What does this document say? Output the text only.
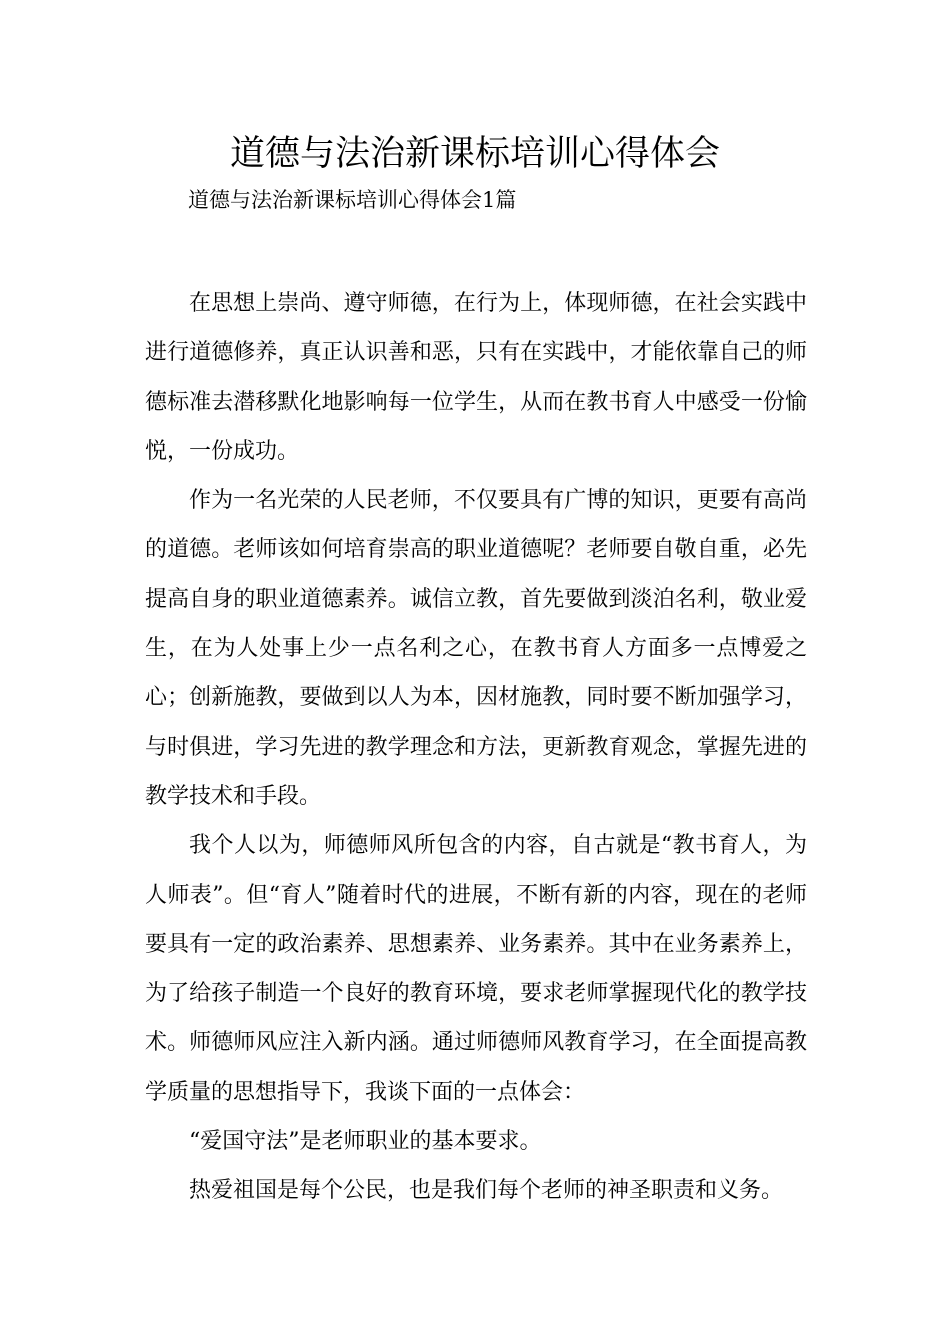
道德与法治新课标培训心得体会
道德与法治新课标培训心得体会1篇

在思想上崇尚、遵守师德，在行为上，体现师德，在社会实践中进行道德修养，真正认识善和恶，只有在实践中，才能依靠自己的师德标准去潜移默化地影响每一位学生，从而在教书育人中感受一份愉悦，一份成功。

作为一名光荣的人民老师，不仅要具有广博的知识，更要有高尚的道德。老师该如何培育崇高的职业道德呢？老师要自敬自重，必先提高自身的职业道德素养。诚信立教，首先要做到淡泊名利，敬业爱生，在为人处事上少一点名利之心，在教书育人方面多一点博爱之心；创新施教，要做到以人为本，因材施教，同时要不断加强学习，与时俱进，学习先进的教学理念和方法，更新教育观念，掌握先进的教学技术和手段。

我个人以为，师德师风所包含的内容，自古就是“教书育人，为人师表”。但“育人”随着时代的进展，不断有新的内容，现在的老师要具有一定的政治素养、思想素养、业务素养。其中在业务素养上，为了给孩子制造一个良好的教育环境，要求老师掌握现代化的教学技术。师德师风应注入新内涵。通过师德师风教育学习，在全面提高教学质量的思想指导下，我谈下面的一点体会：

“爱国守法”是老师职业的基本要求。

热爱祖国是每个公民，也是我们每个老师的神圣职责和义务。
